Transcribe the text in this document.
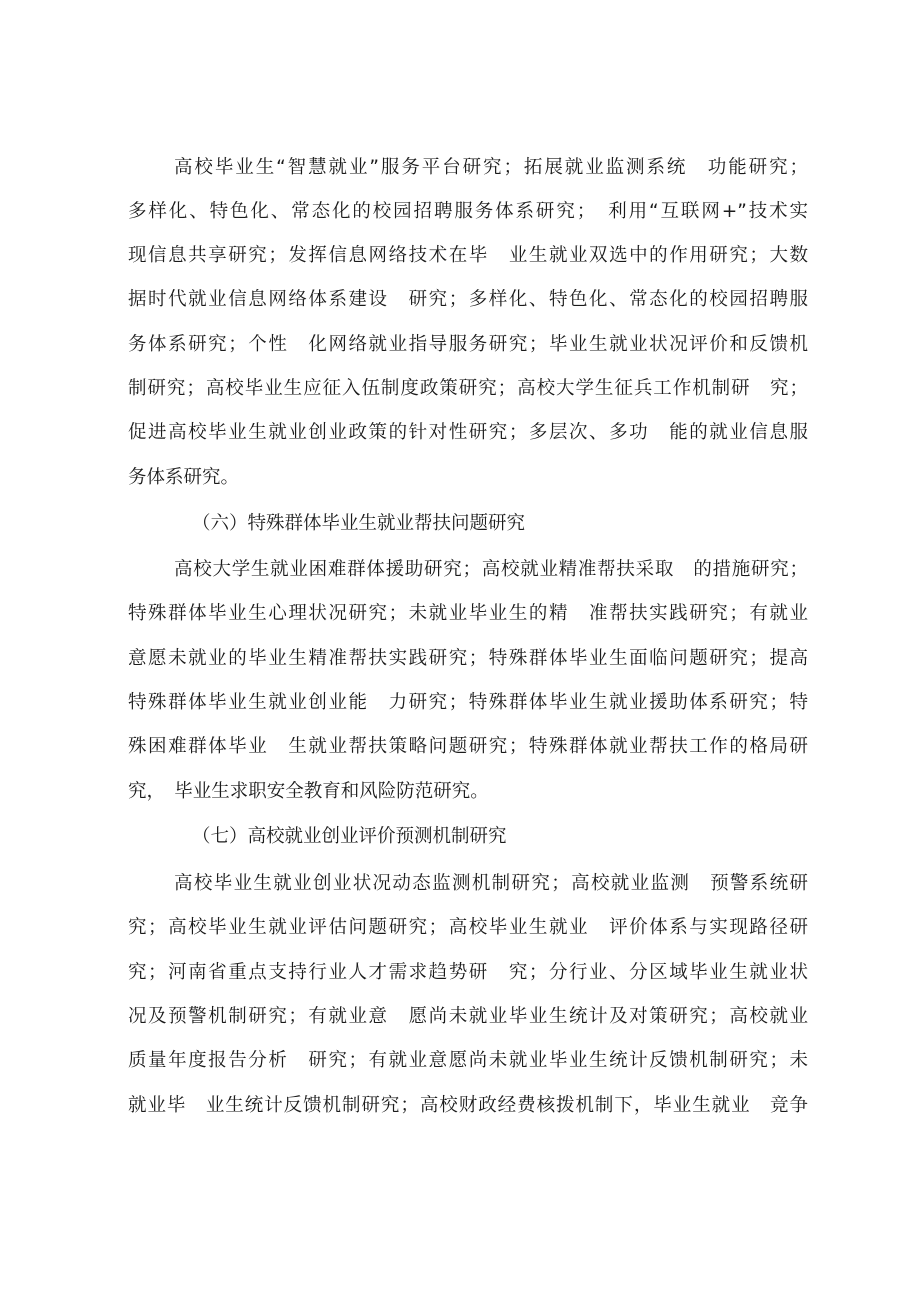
高校毕业生“智慧就业”服务平台研究；拓展就业监测系统　功能研究；
多样化、特色化、常态化的校园招聘服务体系研究；　利用“互联网+”技术实
现信息共享研究；发挥信息网络技术在毕　业生就业双选中的作用研究；大数
据时代就业信息网络体系建设　研究；多样化、特色化、常态化的校园招聘服
务体系研究；个性　化网络就业指导服务研究；毕业生就业状况评价和反馈机
制研究；高校毕业生应征入伍制度政策研究；高校大学生征兵工作机制研　究；
促进高校毕业生就业创业政策的针对性研究；多层次、多功　能的就业信息服
务体系研究。
（六）特殊群体毕业生就业帮扶问题研究
高校大学生就业困难群体援助研究；高校就业精准帮扶采取　的措施研究；
特殊群体毕业生心理状况研究；未就业毕业生的精　准帮扶实践研究；有就业
意愿未就业的毕业生精准帮扶实践研究；特殊群体毕业生面临问题研究；提高
特殊群体毕业生就业创业能　力研究；特殊群体毕业生就业援助体系研究；特
殊困难群体毕业　生就业帮扶策略问题研究；特殊群体就业帮扶工作的格局研
究，　毕业生求职安全教育和风险防范研究。
（七）高校就业创业评价预测机制研究
高校毕业生就业创业状况动态监测机制研究；高校就业监测　预警系统研
究；高校毕业生就业评估问题研究；高校毕业生就业　评价体系与实现路径研
究；河南省重点支持行业人才需求趋势研　究；分行业、分区域毕业生就业状
况及预警机制研究；有就业意　愿尚未就业毕业生统计及对策研究；高校就业
质量年度报告分析　研究；有就业意愿尚未就业毕业生统计反馈机制研究；未
就业毕　业生统计反馈机制研究；高校财政经费核拨机制下，毕业生就业　竞争
